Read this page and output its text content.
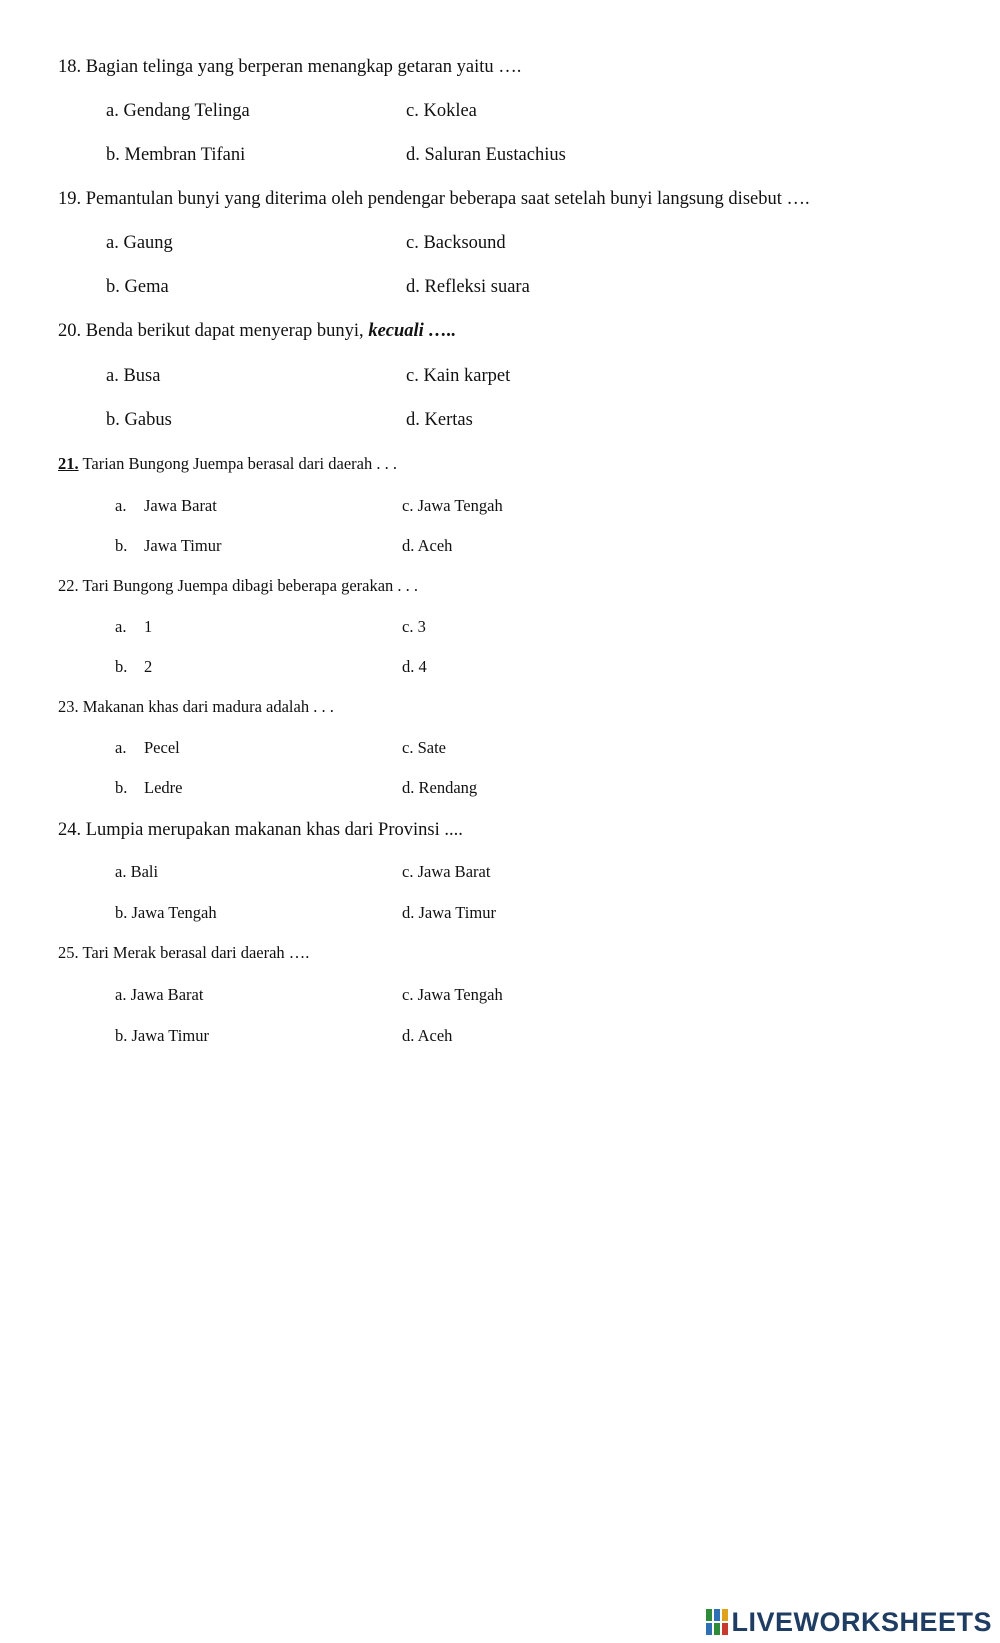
18. Bagian telinga yang berperan menangkap getaran yaitu ….
a. Gendang Telinga	c. Koklea
b. Membran Tifani	d. Saluran Eustachius
19. Pemantulan bunyi yang diterima oleh pendengar beberapa saat setelah bunyi langsung disebut ….
a. Gaung	c. Backsound
b. Gema	d. Refleksi suara
20. Benda berikut dapat menyerap bunyi, kecuali …..
a. Busa	c. Kain karpet
b. Gabus	d. Kertas
21. Tarian Bungong Juempa berasal dari daerah . . .
a. Jawa Barat	c. Jawa Tengah
b. Jawa Timur	d. Aceh
22. Tari Bungong Juempa dibagi beberapa gerakan . . .
a. 1	c. 3
b. 2	d. 4
23. Makanan khas dari madura adalah . . .
a. Pecel	c. Sate
b. Ledre	d. Rendang
24. Lumpia merupakan makanan khas dari Provinsi ....
a. Bali	c. Jawa Barat
b. Jawa Tengah	d. Jawa Timur
25. Tari Merak berasal dari daerah ….
a. Jawa Barat	c. Jawa Tengah
b. Jawa Timur	d. Aceh
LIVEWORKSHEETS
